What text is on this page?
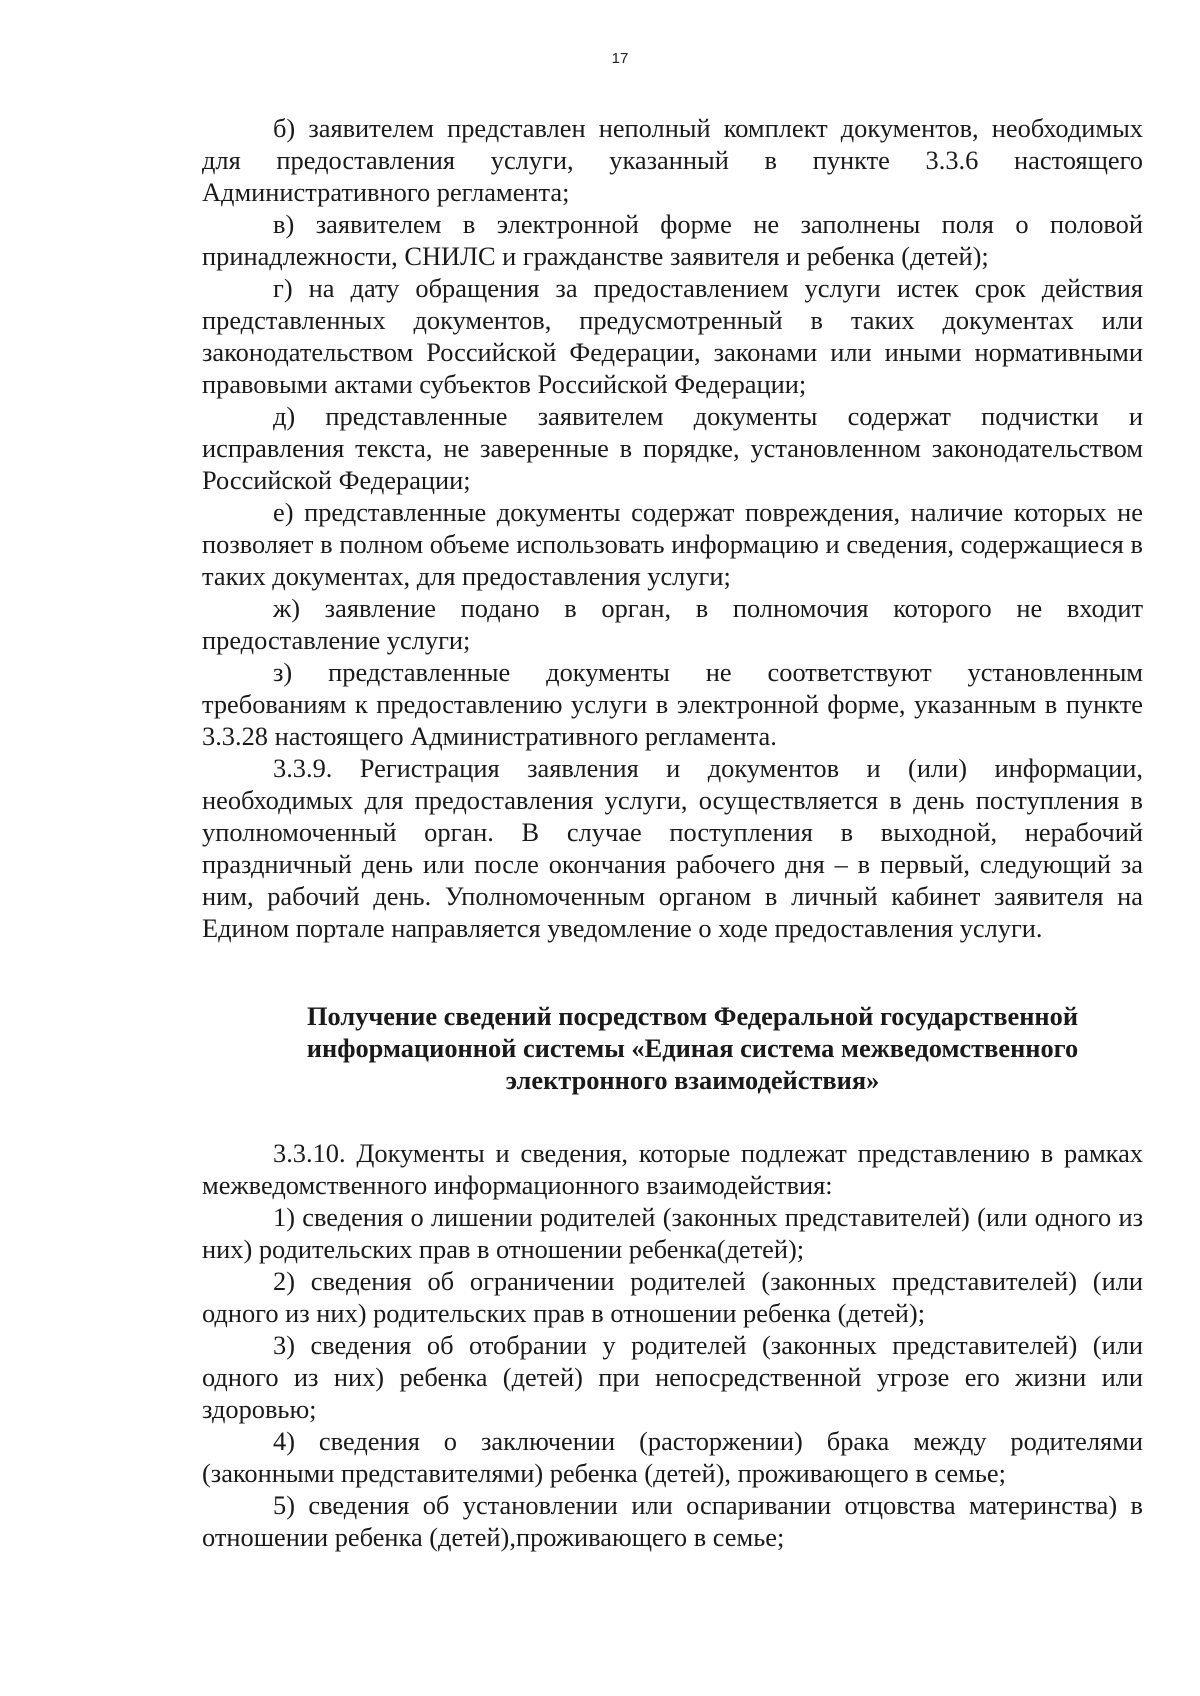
17

б) заявителем представлен неполный комплект документов, необходимых для предоставления услуги, указанный в пункте 3.3.6 настоящего Административного регламента;

в) заявителем в электронной форме не заполнены поля о половой принадлежности, СНИЛС и гражданстве заявителя и ребенка (детей);

г) на дату обращения за предоставлением услуги истек срок действия представленных документов, предусмотренный в таких документах или законодательством Российской Федерации, законами или иными нормативными правовыми актами субъектов Российской Федерации;

д) представленные заявителем документы содержат подчистки и исправления текста, не заверенные в порядке, установленном законодательством Российской Федерации;

е) представленные документы содержат повреждения, наличие которых не позволяет в полном объеме использовать информацию и сведения, содержащиеся в таких документах, для предоставления услуги;

ж) заявление подано в орган, в полномочия которого не входит предоставление услуги;

з) представленные документы не соответствуют установленным требованиям к предоставлению услуги в электронной форме, указанным в пункте 3.3.28 настоящего Административного регламента.

3.3.9. Регистрация заявления и документов и (или) информации, необходимых для предоставления услуги, осуществляется в день поступления в уполномоченный орган. В случае поступления в выходной, нерабочий праздничный день или после окончания рабочего дня – в первый, следующий за ним, рабочий день. Уполномоченным органом в личный кабинет заявителя на Едином портале направляется уведомление о ходе предоставления услуги.

Получение сведений посредством Федеральной государственной
информационной системы «Единая система межведомственного
электронного взаимодействия»

3.3.10. Документы и сведения, которые подлежат представлению в рамках межведомственного информационного взаимодействия:

1) сведения о лишении родителей (законных представителей) (или одного из них) родительских прав в отношении ребенка(детей);

2) сведения об ограничении родителей (законных представителей) (или одного из них) родительских прав в отношении ребенка (детей);

3) сведения об отобрании у родителей (законных представителей) (или одного из них) ребенка (детей) при непосредственной угрозе его жизни или здоровью;

4) сведения о заключении (расторжении) брака между родителями (законными представителями) ребенка (детей), проживающего в семье;

5) сведения об установлении или оспаривании отцовства материнства) в отношении ребенка (детей),проживающего в семье;
